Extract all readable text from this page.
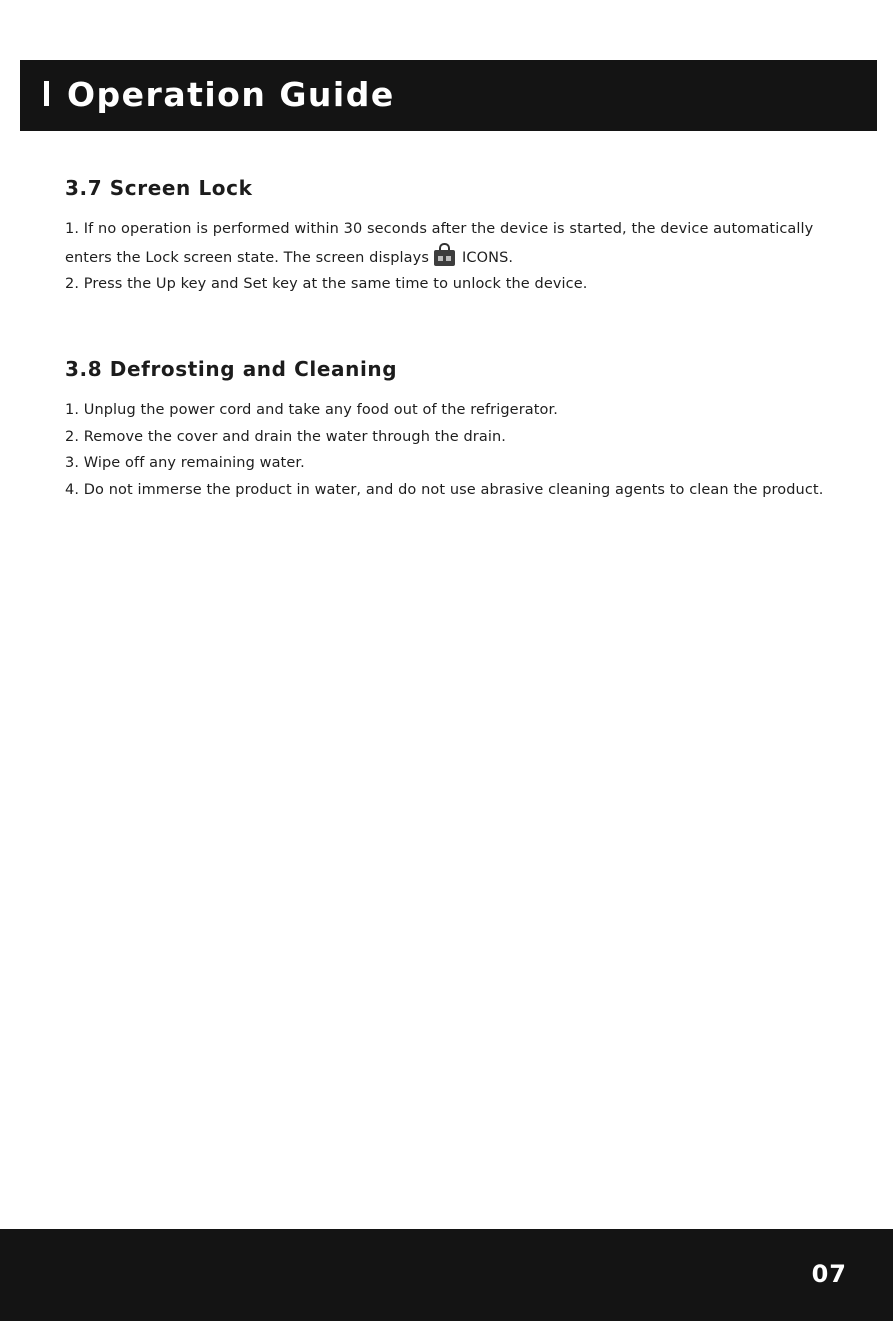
Operation Guide
3.7 Screen Lock

1. If no operation is performed within 30 seconds after the device is started, the device automatically enters the Lock screen state. The screen displays ICONS.

2. Press the Up key and Set key at the same time to unlock the device.

3.8 Defrosting and Cleaning

1. Unplug the power cord and take any food out of the refrigerator.

2. Remove the cover and drain the water through the drain.

3. Wipe off any remaining water.

4. Do not immerse the product in water, and do not use abrasive cleaning agents to clean the product.

07
